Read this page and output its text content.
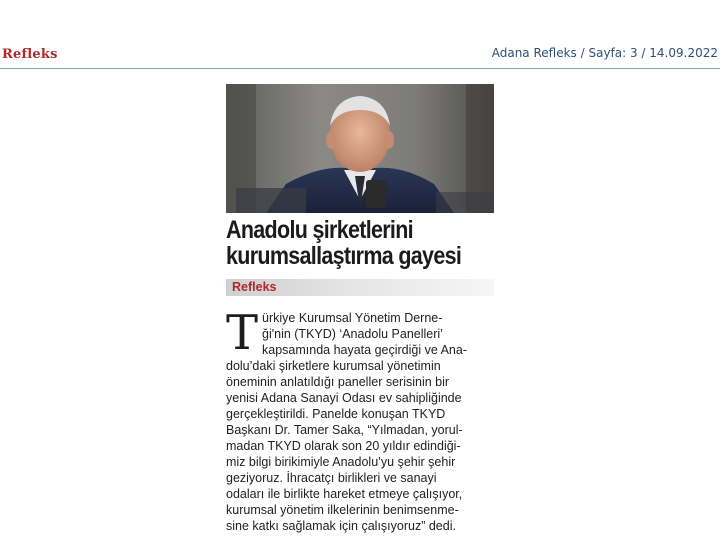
Refleks	Adana Refleks / Sayfa: 3 / 14.09.2022
Anadolu şirketlerini
kurumsallaştırma gayesi
Refleks
T ürkiye Kurumsal Yönetim Derne-
ği'nin (TKYD) ‘Anadolu Panelleri’
kapsamında hayata geçirdiği ve Ana-
dolu’daki şirketlere kurumsal yönetimin
öneminin anlatıldığı paneller serisinin bir
yenisi Adana Sanayi Odası ev sahipliğinde
gerçekleştirildi. Panelde konuşan TKYD
Başkanı Dr. Tamer Saka, “Yılmadan, yorul-
madan TKYD olarak son 20 yıldır edindiği-
miz bilgi birikimiyle Anadolu’yu şehir şehir
geziyoruz. İhracatçı birlikleri ve sanayi
odaları ile birlikte hareket etmeye çalışıyor,
kurumsal yönetim ilkelerinin benimsenme-
sine katkı sağlamak için çalışıyoruz” dedi.
